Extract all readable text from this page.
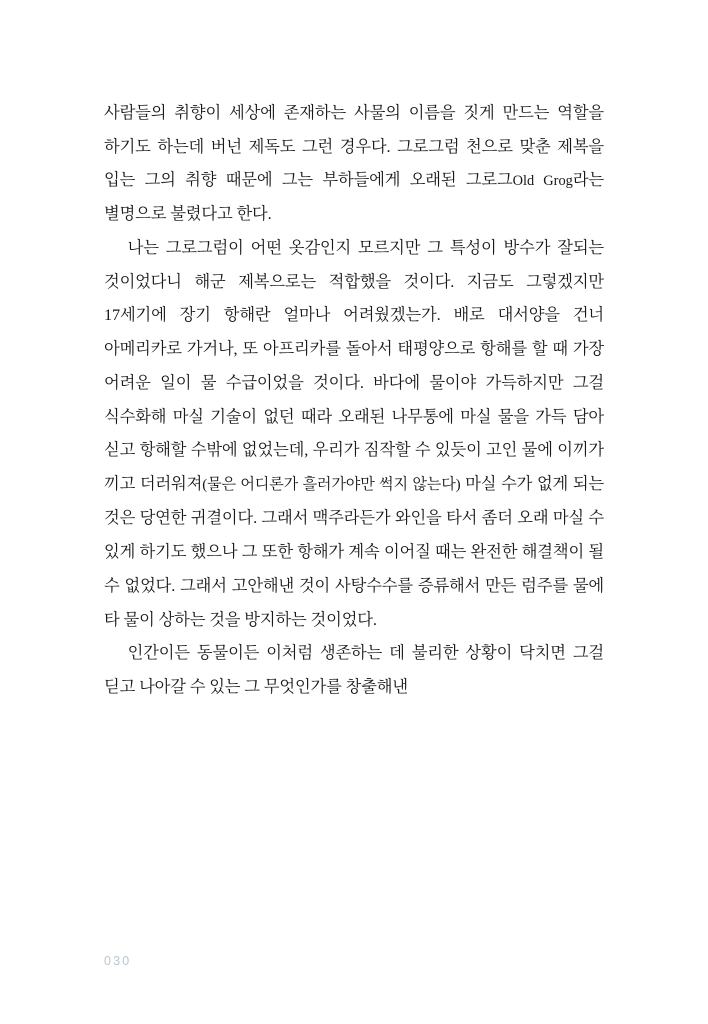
사람들의 취향이 세상에 존재하는 사물의 이름을 짓게 만드는 역할을 하기도 하는데 버넌 제독도 그런 경우다. 그로그럼 천으로 맞춘 제복을 입는 그의 취향 때문에 그는 부하들에게 오래된 그로그Old Grog라는 별명으로 불렸다고 한다.

나는 그로그럼이 어떤 옷감인지 모르지만 그 특성이 방수가 잘되는 것이었다니 해군 제복으로는 적합했을 것이다. 지금도 그렇겠지만 17세기에 장기 항해란 얼마나 어려웠겠는가. 배로 대서양을 건너 아메리카로 가거나, 또 아프리카를 돌아서 태평양으로 항해를 할 때 가장 어려운 일이 물 수급이었을 것이다. 바다에 물이야 가득하지만 그걸 식수화해 마실 기술이 없던 때라 오래된 나무통에 마실 물을 가득 담아 싣고 항해할 수밖에 없었는데, 우리가 짐작할 수 있듯이 고인 물에 이끼가 끼고 더러워져(물은 어디론가 흘러가야만 썩지 않는다) 마실 수가 없게 되는 것은 당연한 귀결이다. 그래서 맥주라든가 와인을 타서 좀더 오래 마실 수 있게 하기도 했으나 그 또한 항해가 계속 이어질 때는 완전한 해결책이 될 수 없었다. 그래서 고안해낸 것이 사탕수수를 증류해서 만든 럼주를 물에 타 물이 상하는 것을 방지하는 것이었다.

인간이든 동물이든 이처럼 생존하는 데 불리한 상황이 닥치면 그걸 딛고 나아갈 수 있는 그 무엇인가를 창출해낸

030
